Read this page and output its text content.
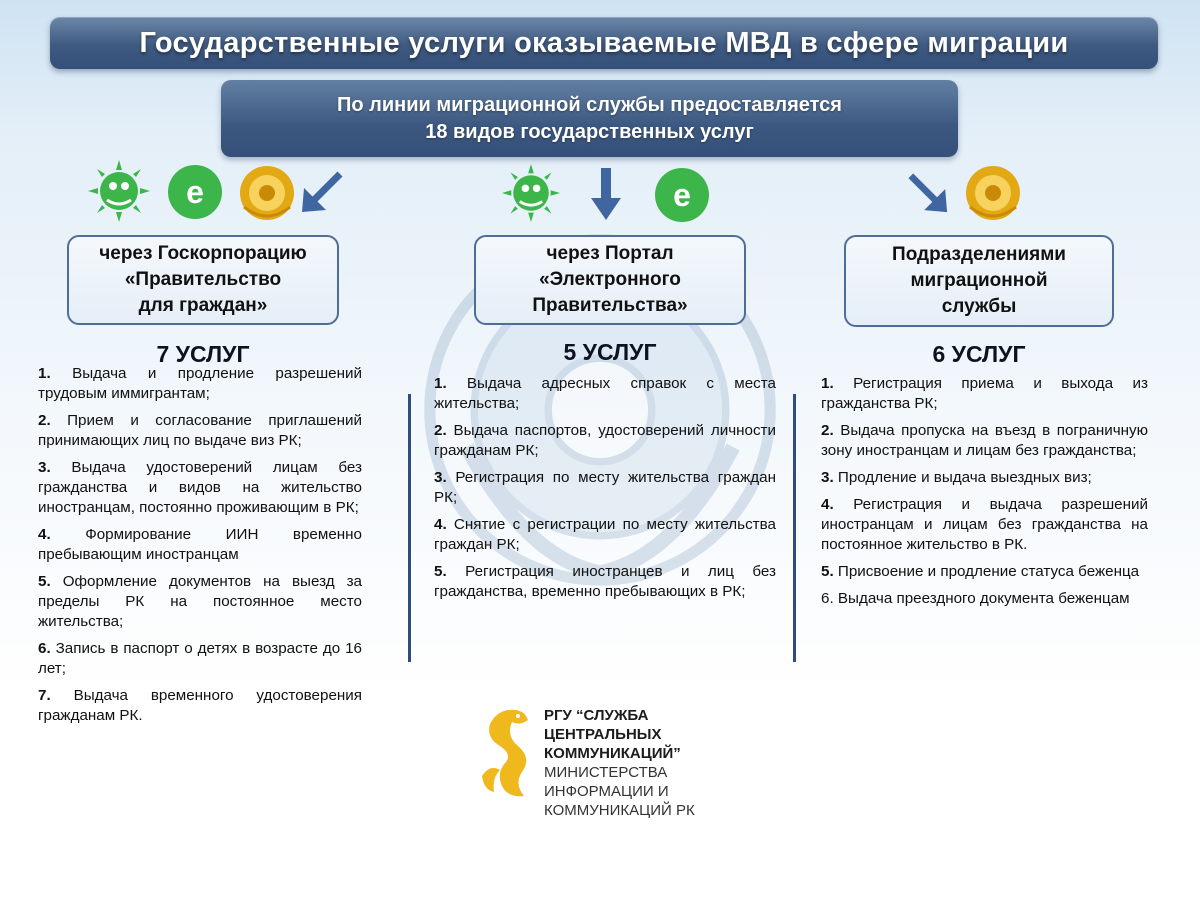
Государственные услуги оказываемые МВД в сфере миграции
По линии миграционной службы предоставляется
18 видов государственных услуг
e	e
через Госкорпорацию
«Правительство
для граждан»
через Портал
«Электронного
Правительства»
Подразделениями
миграционной
службы
7 УСЛУГ	5 УСЛУГ	6 УСЛУГ
1. Выдача и продление разрешений трудовым иммигрантам;
2. Прием и согласование приглашений принимающих лиц по выдаче виз РК;
3. Выдача удостоверений лицам без гражданства и видов на жительство иностранцам, постоянно проживающим в РК;
4. Формирование ИИН временно пребывающим иностранцам
5. Оформление документов на выезд за пределы РК на постоянное место жительства;
6. Запись в паспорт о детях в возрасте до 16 лет;
7. Выдача временного удостоверения гражданам РК.
1. Выдача адресных справок с места жительства;
2. Выдача паспортов, удостоверений личности гражданам РК;
3. Регистрация по месту жительства граждан РК;
4. Снятие с регистрации по месту жительства граждан РК;
5. Регистрация иностранцев и лиц без гражданства, временно пребывающих в РК;
1. Регистрация приема и выхода из гражданства РК;
2. Выдача пропуска на въезд в пограничную зону иностранцам и лицам без гражданства;
3. Продление и выдача выездных виз;
4. Регистрация и выдача разрешений иностранцам и лицам без гражданства на постоянное жительство в РК.
5. Присвоение и продление статуса беженца
6. Выдача преездного документа беженцам
РГУ “СЛУЖБА
ЦЕНТРАЛЬНЫХ
КОММУНИКАЦИЙ”
МИНИСТЕРСТВА
ИНФОРМАЦИИ И
КОММУНИКАЦИЙ РК
